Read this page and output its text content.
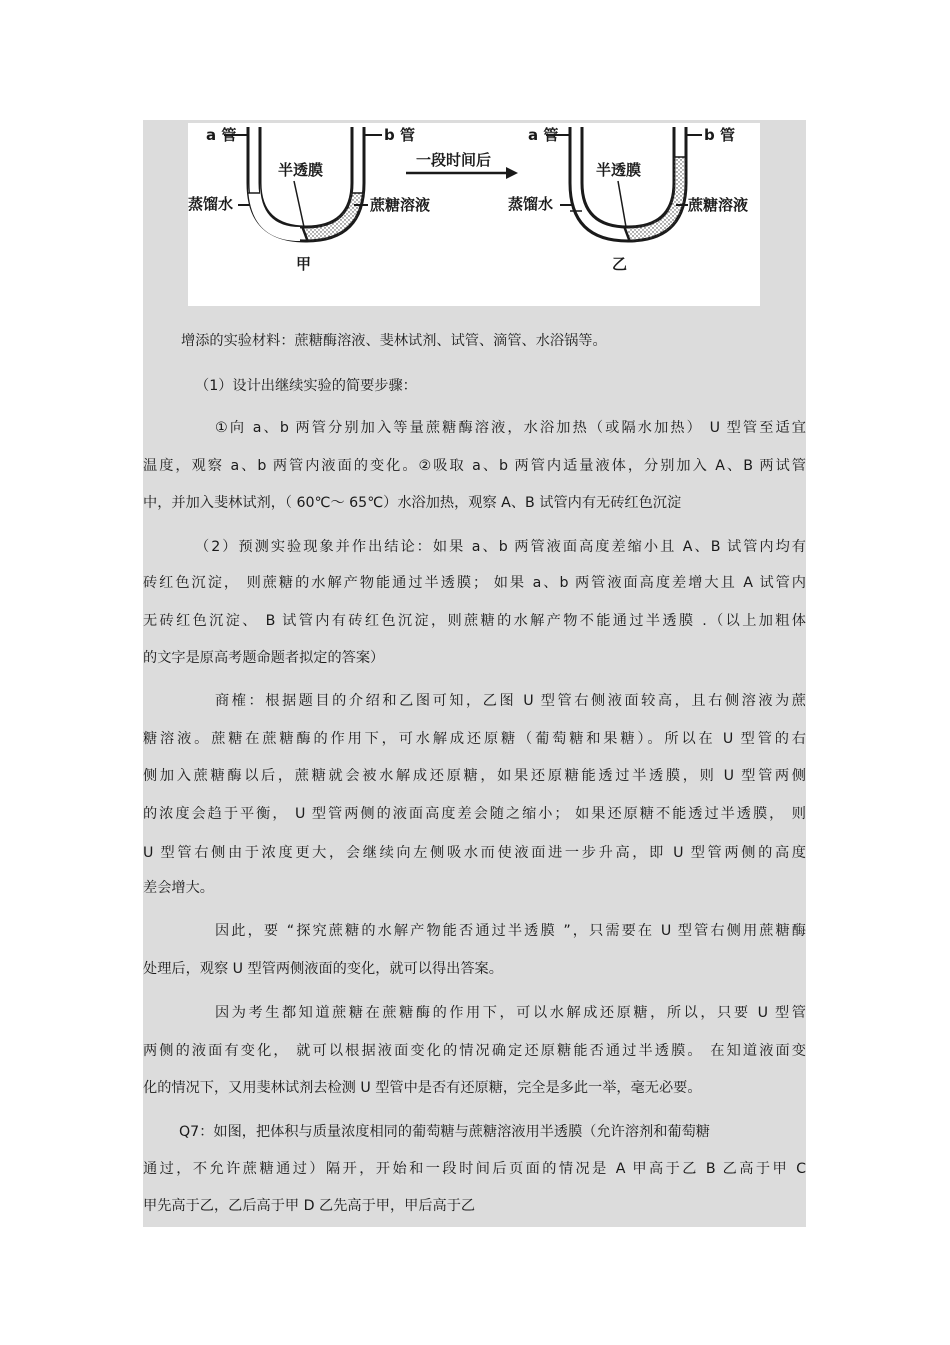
a 管	b 管
半透膜
蒸馏水	蔗糖溶液
甲
一段时间后
a 管	b 管
半透膜
蒸馏水	蔗糖溶液
乙
增添的实验材料：蔗糖酶溶液、斐林试剂、试管、滴管、水浴锅等。
（1）设计出继续实验的简要步骤：
①向 a、b 两管分别加入等量蔗糖酶溶液，水浴加热（或隔水加热） U 型管至适宜
温度，观察 a、b 两管内液面的变化。②吸取 a、b 两管内适量液体，分别加入 A、B 两试管
中，并加入斐林试剂，（ 60℃～ 65℃）水浴加热，观察 A、B 试管内有无砖红色沉淀
（2）预测实验现象并作出结论：如果 a、b 两管液面高度差缩小且 A、B 试管内均有
砖红色沉淀， 则蔗糖的水解产物能通过半透膜； 如果 a、b 两管液面高度差增大且 A 试管内
无砖红色沉淀、 B 试管内有砖红色沉淀，则蔗糖的水解产物不能通过半透膜 .（以上加粗体
的文字是原高考题命题者拟定的答案）
商榷：根据题目的介绍和乙图可知，乙图 U 型管右侧液面较高，且右侧溶液为蔗
糖溶液。蔗糖在蔗糖酶的作用下，可水解成还原糖（葡萄糖和果糖）。所以在 U 型管的右
侧加入蔗糖酶以后，蔗糖就会被水解成还原糖，如果还原糖能透过半透膜，则 U 型管两侧
的浓度会趋于平衡， U 型管两侧的液面高度差会随之缩小； 如果还原糖不能透过半透膜， 则
U 型管右侧由于浓度更大，会继续向左侧吸水而使液面进一步升高，即 U 型管两侧的高度
差会增大。
因此，要 “探究蔗糖的水解产物能否通过半透膜 ”，只需要在 U 型管右侧用蔗糖酶
处理后，观察 U 型管两侧液面的变化，就可以得出答案。
因为考生都知道蔗糖在蔗糖酶的作用下，可以水解成还原糖，所以，只要 U 型管
两侧的液面有变化， 就可以根据液面变化的情况确定还原糖能否通过半透膜。 在知道液面变
化的情况下，又用斐林试剂去检测 U 型管中是否有还原糖，完全是多此一举，毫无必要。
Q7：如图，把体积与质量浓度相同的葡萄糖与蔗糖溶液用半透膜（允许溶剂和葡萄糖
通过，不允许蔗糖通过）隔开，开始和一段时间后页面的情况是 A 甲高于乙 B 乙高于甲 C
甲先高于乙，乙后高于甲 D 乙先高于甲，甲后高于乙
